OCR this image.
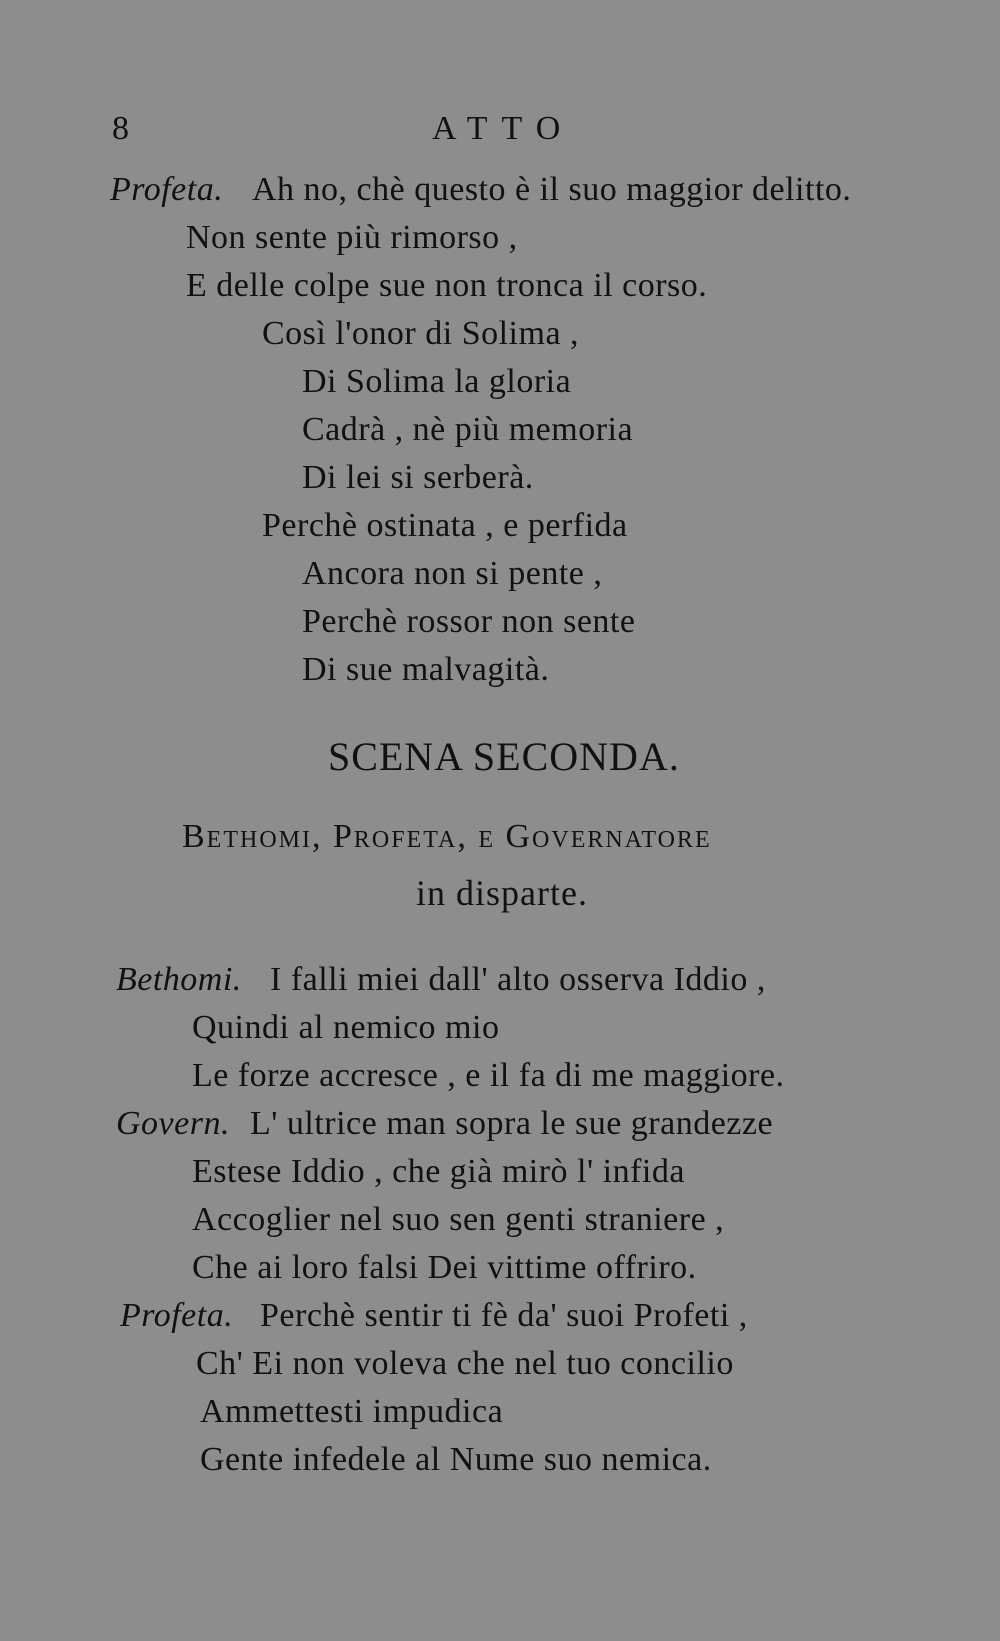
8	ATTO
Profeta. Ah no, chè questo è il suo maggior delitto.
Non sente più rimorso ,
E delle colpe sue non tronca il corso.
Così l'onor di Solima ,
Di Solima la gloria
Cadrà , nè più memoria
Di lei si serberà.
Perchè ostinata , e perfida
Ancora non si pente ,
Perchè rossor non sente
Di sue malvagità.
SCENA SECONDA.
Bethomi, Profeta, e Governatore
in disparte.
Bethomi. I falli miei dall' alto osserva Iddio ,
Quindi al nemico mio
Le forze accresce , e il fa di me maggiore.
Govern. L' ultrice man sopra le sue grandezze
Estese Iddio , che già mirò l' infida
Accoglier nel suo sen genti straniere ,
Che ai loro falsi Dei vittime offriro.
Profeta. Perchè sentir ti fè da' suoi Profeti ,
Ch' Ei non voleva che nel tuo concilio
Ammettesti impudica
Gente infedele al Nume suo nemica.
